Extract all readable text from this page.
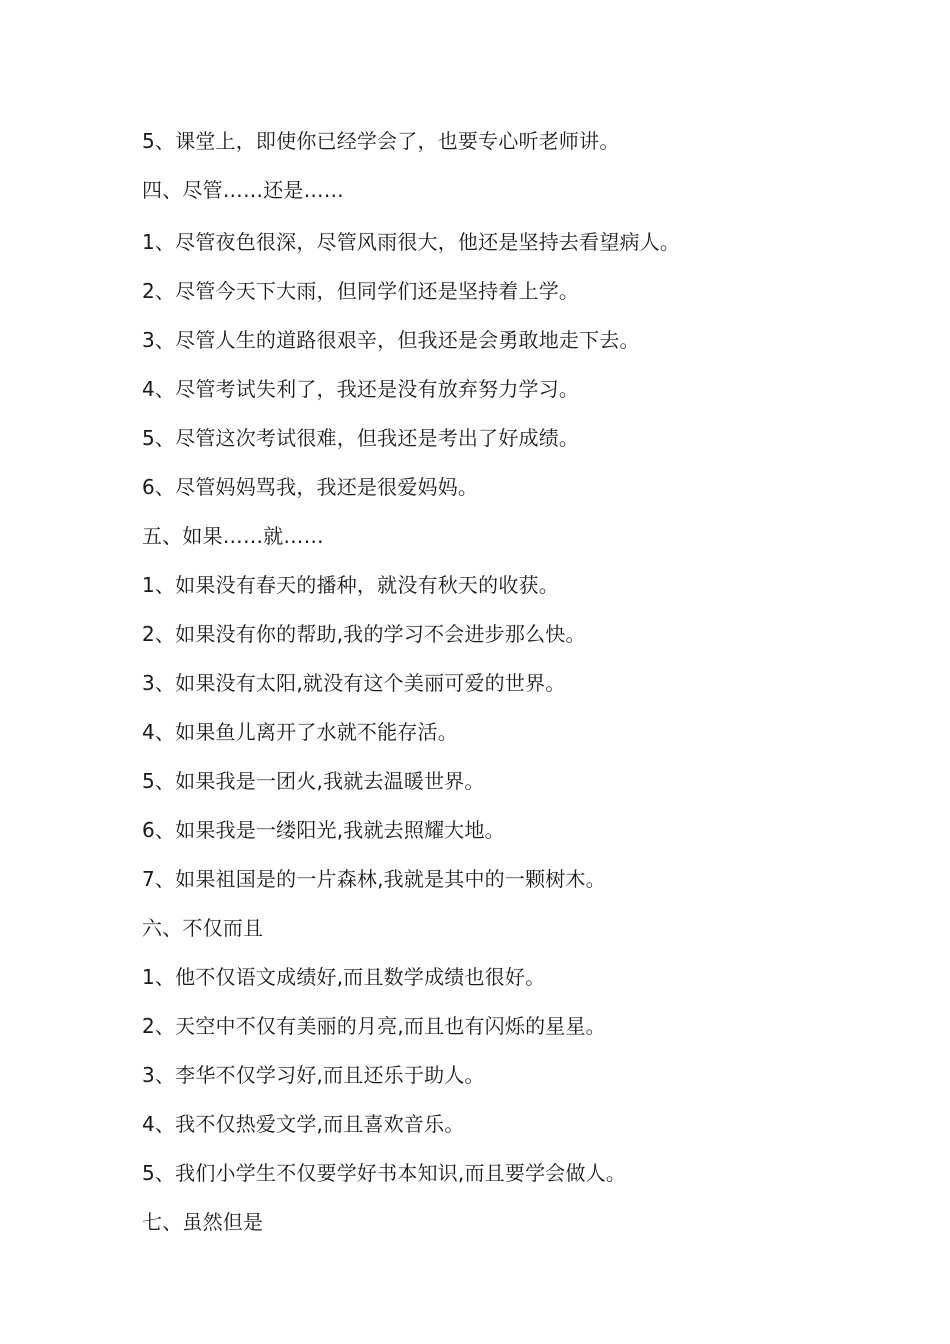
5、课堂上，即使你已经学会了，也要专心听老师讲。
四、尽管……还是……
1、尽管夜色很深，尽管风雨很大，他还是坚持去看望病人。
2、尽管今天下大雨，但同学们还是坚持着上学。
3、尽管人生的道路很艰辛，但我还是会勇敢地走下去。
4、尽管考试失利了，我还是没有放弃努力学习。
5、尽管这次考试很难，但我还是考出了好成绩。
6、尽管妈妈骂我，我还是很爱妈妈。
五、如果……就……
1、如果没有春天的播种，就没有秋天的收获。
2、如果没有你的帮助,我的学习不会进步那么快。
3、如果没有太阳,就没有这个美丽可爱的世界。
4、如果鱼儿离开了水就不能存活。
5、如果我是一团火,我就去温暖世界。
6、如果我是一缕阳光,我就去照耀大地。
7、如果祖国是的一片森林,我就是其中的一颗树木。
六、不仅而且
1、他不仅语文成绩好,而且数学成绩也很好。
2、天空中不仅有美丽的月亮,而且也有闪烁的星星。
3、李华不仅学习好,而且还乐于助人。
4、我不仅热爱文学,而且喜欢音乐。
5、我们小学生不仅要学好书本知识,而且要学会做人。
七、虽然但是
